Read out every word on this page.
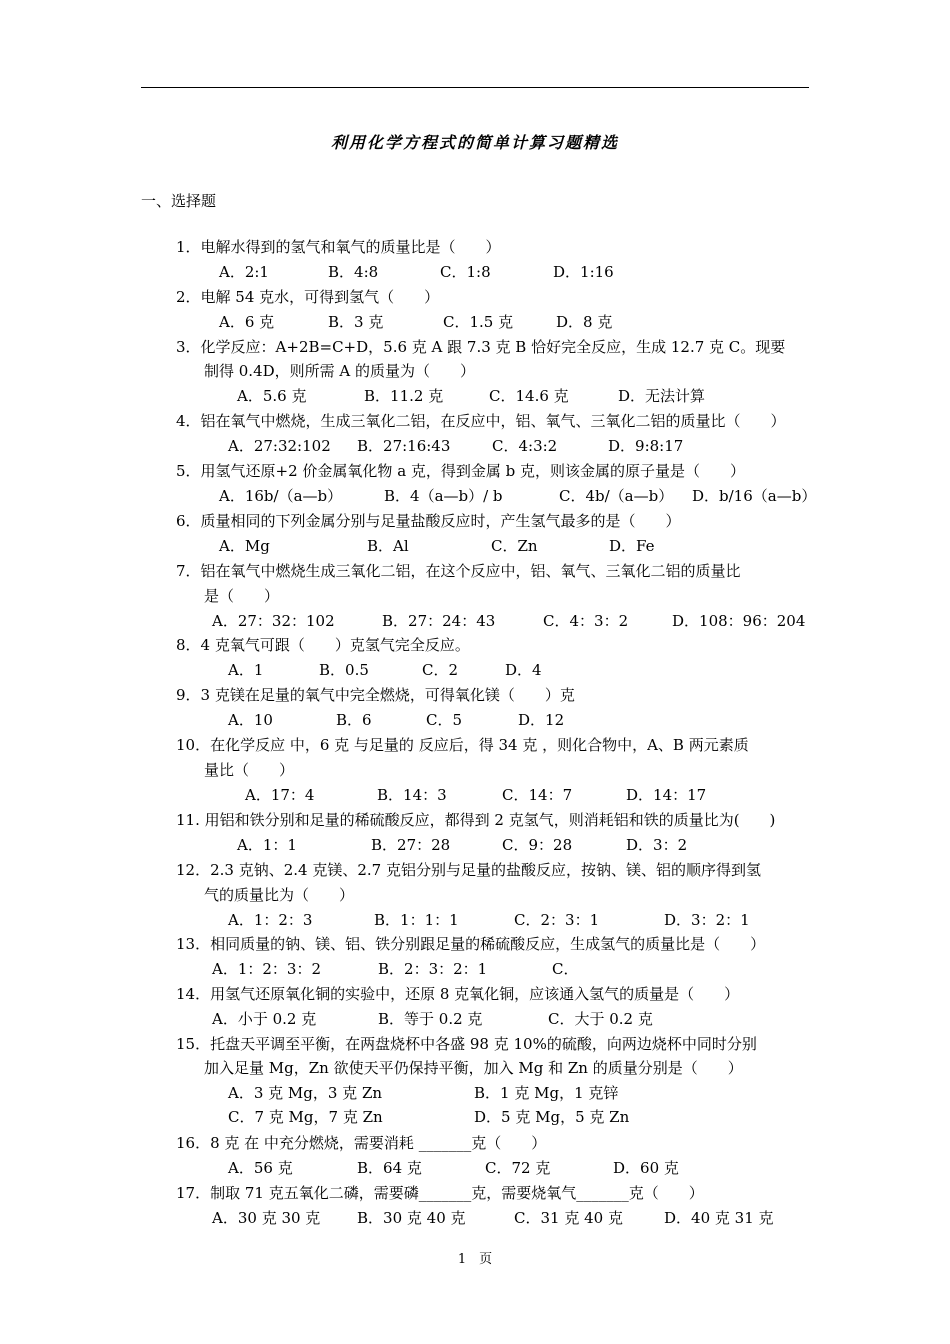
利用化学方程式的简单计算习题精选
一、选择题
1．电解水得到的氢气和氧气的质量比是（　　）
A．2:1	B．4:8	C．1:8	D．1:16
2．电解 54 克水，可得到氢气（　　）
A．6 克	B．3 克	C．1.5 克	D．8 克
3．化学反应：A+2B=C+D，5.6 克 A 跟 7.3 克 B 恰好完全反应，生成 12.7 克 C。现要
制得 0.4D，则所需 A 的质量为（　　）
A．5.6 克	B．11.2 克	C．14.6 克	D．无法计算
4．铝在氧气中燃烧，生成三氧化二铝，在反应中，铝、氧气、三氧化二铝的质量比（　　）
A．27:32:102 B．27:16:43	C．4:3:2	D．9:8:17
5．用氢气还原+2 价金属氧化物 a 克，得到金属 b 克，则该金属的原子量是（　　）
A．16b/（a—b）	B．4（a—b）/ b	C．4b/（a—b） D．b/16（a—b）
6．质量相同的下列金属分别与足量盐酸反应时，产生氢气最多的是（　　）
A．Mg	B．Al	C．Zn	D．Fe
7．铝在氧气中燃烧生成三氧化二铝，在这个反应中，铝、氧气、三氧化二铝的质量比
是（　　）
A．27：32：102	B．27：24：43	C．4：3：2	D．108：96：204
8．4 克氧气可跟（　　）克氢气完全反应。
A．1	B．0.5	C．2	D．4
9．3 克镁在足量的氧气中完全燃烧，可得氧化镁（　　）克
A．10	B．6	C．5	D．12
10．在化学反应 中，6 克 与足量的 反应后，得 34 克 ，则化合物中，A、B 两元素质
量比（　　）
A．17：4	B．14：3	C．14：7	D．14：17
11. 用铝和铁分别和足量的稀硫酸反应，都得到 2 克氢气，则消耗铝和铁的质量比为(　　)
A．1：1	B．27：28	C．9：28	D．3：2
12．2.3 克钠、2.4 克镁、2.7 克铝分别与足量的盐酸反应，按钠、镁、铝的顺序得到氢
气的质量比为（　　）
A．1：2：3	B．1：1：1	C．2：3：1	D．3：2：1
13．相同质量的钠、镁、铝、铁分别跟足量的稀硫酸反应，生成氢气的质量比是（　　）
A．1：2：3：2	B．2：3：2：1	C．
14．用氢气还原氧化铜的实验中，还原 8 克氧化铜，应该通入氢气的质量是（　　）
A．小于 0.2 克	B．等于 0.2 克	C．大于 0.2 克
15．托盘天平调至平衡，在两盘烧杯中各盛 98 克 10%的硫酸，向两边烧杯中同时分别
加入足量 Mg，Zn 欲使天平仍保持平衡，加入 Mg 和 Zn 的质量分别是（　　）
A．3 克 Mg，3 克 Zn	B．1 克 Mg，1 克锌
C．7 克 Mg，7 克 Zn	D．5 克 Mg，5 克 Zn
16．8 克 在 中充分燃烧，需要消耗 _______克（　　）
A．56 克	B．64 克	C．72 克	D．60 克
17．制取 71 克五氧化二磷，需要磷_______克，需要烧氧气_______克（　　）
A．30 克 30 克 B．30 克 40 克	C．31 克 40 克	D．40 克 31 克
1　页
